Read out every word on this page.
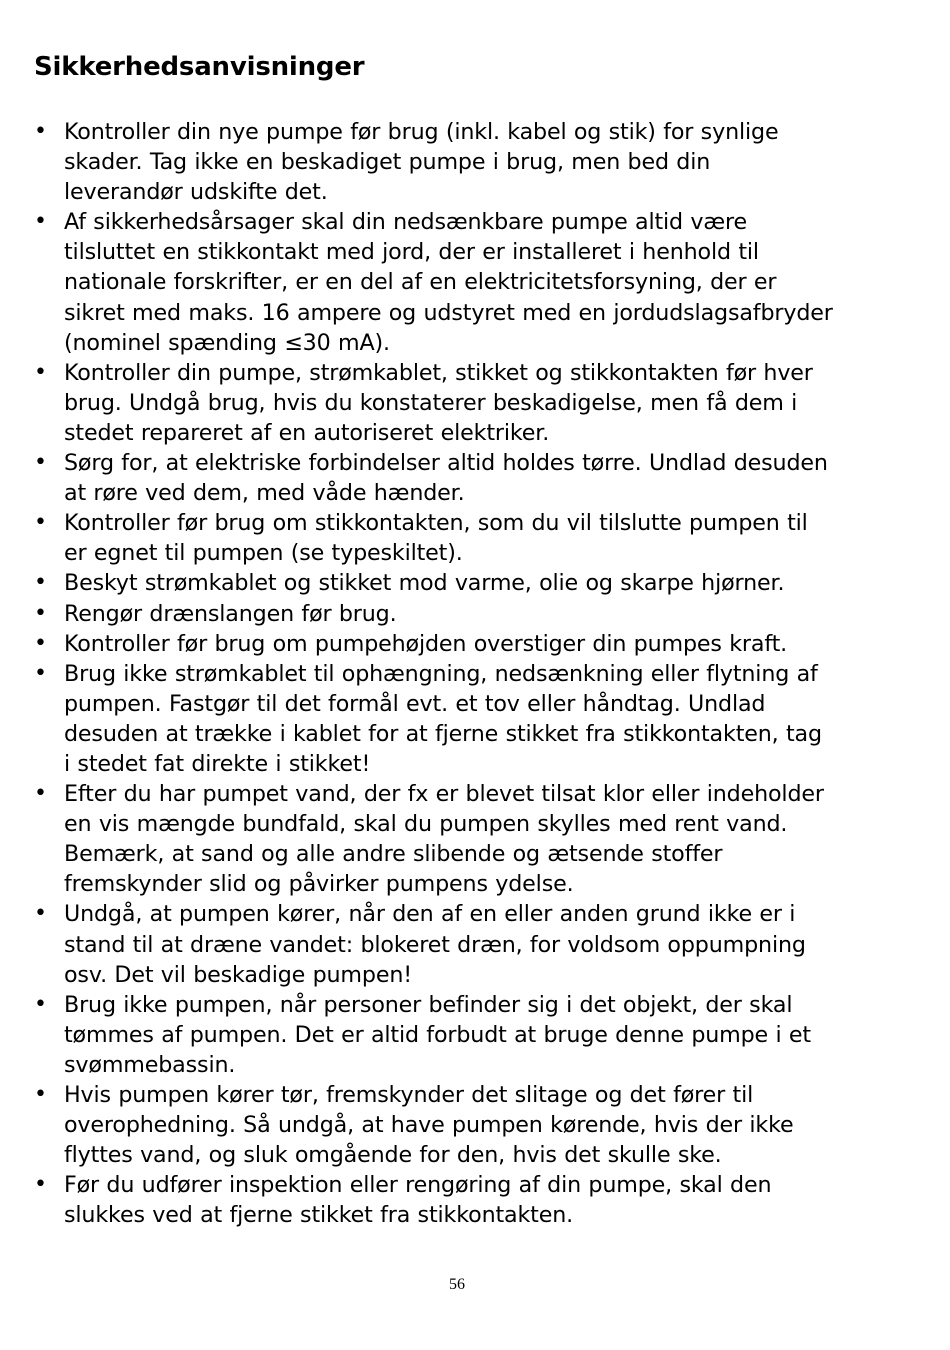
Sikkerhedsanvisninger
• Kontroller din nye pumpe før brug (inkl. kabel og stik) for synlige
skader. Tag ikke en beskadiget pumpe i brug, men bed din
leverandør udskifte det.
• Af sikkerhedsårsager skal din nedsænkbare pumpe altid være
tilsluttet en stikkontakt med jord, der er installeret i henhold til
nationale forskrifter, er en del af en elektricitetsforsyning, der er
sikret med maks. 16 ampere og udstyret med en jordudslagsafbryder
(nominel spænding ≤30 mA).
• Kontroller din pumpe, strømkablet, stikket og stikkontakten før hver
brug. Undgå brug, hvis du konstaterer beskadigelse, men få dem i
stedet repareret af en autoriseret elektriker.
• Sørg for, at elektriske forbindelser altid holdes tørre. Undlad desuden
at røre ved dem, med våde hænder.
• Kontroller før brug om stikkontakten, som du vil tilslutte pumpen til
er egnet til pumpen (se typeskiltet).
• Beskyt strømkablet og stikket mod varme, olie og skarpe hjørner.
• Rengør drænslangen før brug.
• Kontroller før brug om pumpehøjden overstiger din pumpes kraft.
• Brug ikke strømkablet til ophængning, nedsænkning eller flytning af
pumpen. Fastgør til det formål evt. et tov eller håndtag. Undlad
desuden at trække i kablet for at fjerne stikket fra stikkontakten, tag
i stedet fat direkte i stikket!
• Efter du har pumpet vand, der fx er blevet tilsat klor eller indeholder
en vis mængde bundfald, skal du pumpen skylles med rent vand.
Bemærk, at sand og alle andre slibende og ætsende stoffer
fremskynder slid og påvirker pumpens ydelse.
• Undgå, at pumpen kører, når den af en eller anden grund ikke er i
stand til at dræne vandet: blokeret dræn, for voldsom oppumpning
osv. Det vil beskadige pumpen!
• Brug ikke pumpen, når personer befinder sig i det objekt, der skal
tømmes af pumpen. Det er altid forbudt at bruge denne pumpe i et
svømmebassin.
• Hvis pumpen kører tør, fremskynder det slitage og det fører til
overophedning. Så undgå, at have pumpen kørende, hvis der ikke
flyttes vand, og sluk omgående for den, hvis det skulle ske.
• Før du udfører inspektion eller rengøring af din pumpe, skal den
slukkes ved at fjerne stikket fra stikkontakten.
56
